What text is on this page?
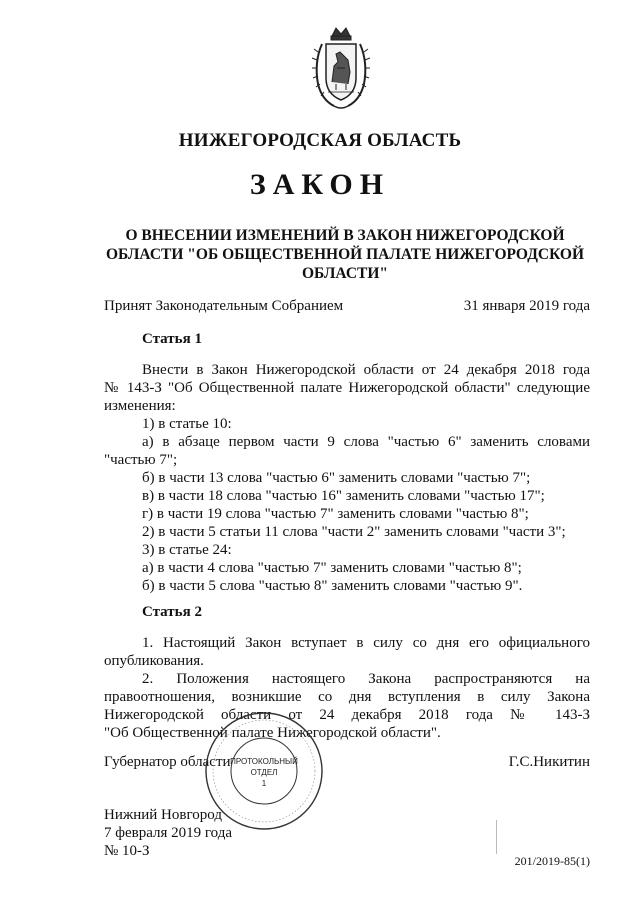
НИЖЕГОРОДСКАЯ ОБЛАСТЬ
ЗАКОН
О ВНЕСЕНИИ ИЗМЕНЕНИЙ В ЗАКОН НИЖЕГОРОДСКОЙ ОБЛАСТИ "ОБ ОБЩЕСТВЕННОЙ ПАЛАТЕ НИЖЕГОРОДСКОЙ ОБЛАСТИ"
Принят Законодательным Собранием	31 января 2019 года
Статья 1
Внести в Закон Нижегородской области от 24 декабря 2018 года
№ 143-З "Об Общественной палате Нижегородской области" следующие
изменения:
1) в статье 10:
а) в абзаце первом части 9 слова "частью 6" заменить словами
"частью 7";
б) в части 13 слова "частью 6" заменить словами "частью 7";
в) в части 18 слова "частью 16" заменить словами "частью 17";
г) в части 19 слова "частью 7" заменить словами "частью 8";
2) в части 5 статьи 11 слова "части 2" заменить словами "части 3";
3) в статье 24:
а) в части 4 слова "частью 7" заменить словами "частью 8";
б) в части 5 слова "частью 8" заменить словами "частью 9".
Статья 2
1. Настоящий Закон вступает в силу со дня его официального
опубликования.
2. Положения настоящего Закона распространяются на
правоотношения, возникшие со дня вступления в силу Закона
Нижегородской области от 24 декабря 2018 года № 143-З
"Об Общественной палате Нижегородской области".
Губернатор области	Г.С.Никитин
ПРОТОКОЛЬНЫЙ
ОТДЕЛ
1
Нижний Новгород
7 февраля 2019 года
№ 10-З
201/2019-85(1)
